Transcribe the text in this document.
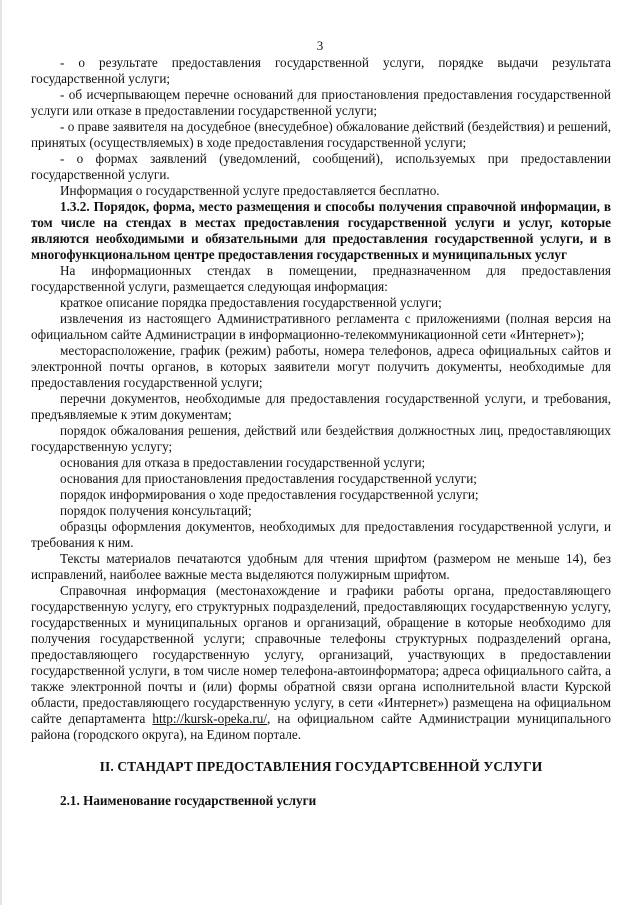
3

- о результате предоставления государственной услуги, порядке выдачи результата государственной услуги;

- об исчерпывающем перечне оснований для приостановления предоставления государственной услуги или отказе в предоставлении государственной услуги;

- о праве заявителя на досудебное (внесудебное) обжалование действий (бездействия) и решений, принятых (осуществляемых) в ходе предоставления государственной услуги;

- о формах заявлений (уведомлений, сообщений), используемых при предоставлении государственной услуги.

Информация о государственной услуге предоставляется бесплатно.

1.3.2. Порядок, форма, место размещения и способы получения справочной информации, в том числе на стендах в местах предоставления государственной услуги и услуг, которые являются необходимыми и обязательными для предоставления государственной услуги, и в многофункциональном центре предоставления государственных и муниципальных услуг

На информационных стендах в помещении, предназначенном для предоставления государственной услуги, размещается следующая информация:

краткое описание порядка предоставления государственной услуги;

извлечения из настоящего Административного регламента с приложениями (полная версия на официальном сайте Администрации в информационно-телекоммуникационной сети «Интернет»);

месторасположение, график (режим) работы, номера телефонов, адреса официальных сайтов и электронной почты органов, в которых заявители могут получить документы, необходимые для предоставления государственной услуги;

перечни документов, необходимые для предоставления государственной услуги, и требования, предъявляемые к этим документам;

порядок обжалования решения, действий или бездействия должностных лиц, предоставляющих государственную услугу;

основания для отказа в предоставлении государственной услуги;

основания для приостановления предоставления государственной услуги;

порядок информирования о ходе предоставления государственной услуги;

порядок получения консультаций;

образцы оформления документов, необходимых для предоставления государственной услуги, и требования к ним.

Тексты материалов печатаются удобным для чтения шрифтом (размером не меньше 14), без исправлений, наиболее важные места выделяются полужирным шрифтом.

Справочная информация (местонахождение и графики работы органа, предоставляющего государственную услугу, его структурных подразделений, предоставляющих государственную услугу, государственных и муниципальных органов и организаций, обращение в которые необходимо для получения государственной услуги; справочные телефоны структурных подразделений органа, предоставляющего государственную услугу, организаций, участвующих в предоставлении государственной услуги, в том числе номер телефона-автоинформатора; адреса официального сайта, а также электронной почты и (или) формы обратной связи органа исполнительной власти Курской области, предоставляющего государственную услугу, в сети «Интернет») размещена на официальном сайте департамента http://kursk-opeka.ru/, на официальном сайте Администрации муниципального района (городского округа), на Едином портале.

II. СТАНДАРТ ПРЕДОСТАВЛЕНИЯ ГОСУДАРТСВЕННОЙ УСЛУГИ

2.1. Наименование государственной услуги
